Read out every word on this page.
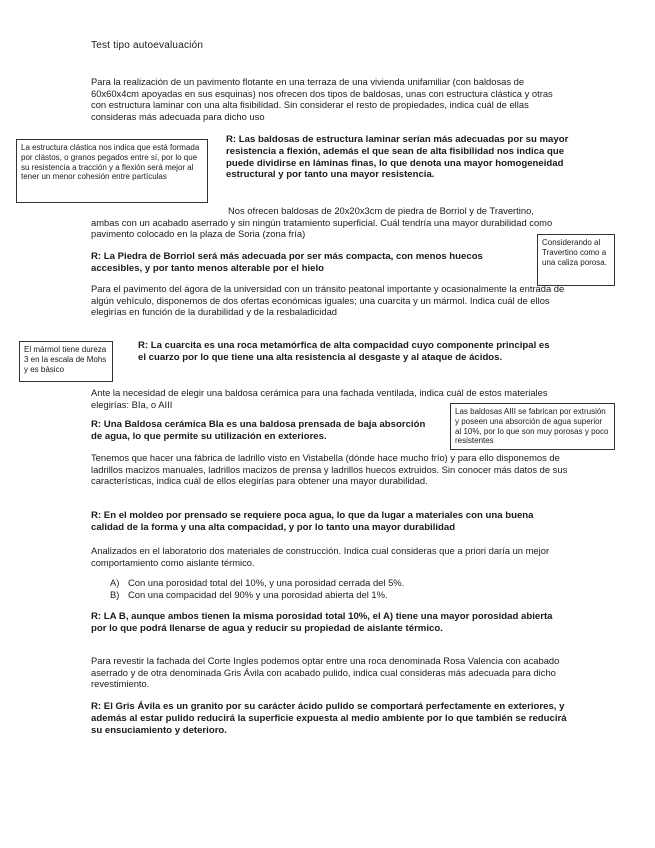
Test tipo autoevaluación
Para la realización de un pavimento flotante en una terraza de una vivienda unifamiliar (con baldosas de 60x60x4cm apoyadas en sus esquinas) nos ofrecen dos tipos de baldosas, unas con estructura clástica y otras con estructura laminar con una alta fisibilidad. Sin considerar el resto de propiedades, indica cuál de ellas consideras más adecuada para dicho uso
La estructura clástica nos indica que está formada por clástos, o granos pegados entre sí, por lo que su resistencia a tracción y a flexión será mejor al tener un menor cohesión entre partículas
R: Las baldosas de estructura laminar serían más adecuadas por su mayor resistencia a flexión, además el que sean de alta fisibilidad nos indica que puede dividirse en láminas finas, lo que denota una mayor homogeneidad estructural y por tanto una mayor resistencia.
Nos ofrecen baldosas de 20x20x3cm de piedra de Borriol y de Travertino, ambas con un acabado aserrado y sin ningún tratamiento superficial. Cuál tendría una mayor durabilidad como pavimento colocado en la plaza de Soria (zona fría)
Considerando al Travertino como a una caliza porosa.
R: La Piedra de Borriol será más adecuada por ser más compacta, con menos huecos accesibles, y por tanto menos alterable por el hielo
Para el pavimento del ágora de la universidad con un tránsito peatonal importante y ocasionalmente la entrada de algún vehículo, disponemos de dos ofertas económicas iguales; una cuarcita y un mármol. Indica cuál de ellos elegirías en función de la durabilidad y de la resbaladicidad
El mármol tiene dureza 3 en la escala de Mohs y es básico
R: La cuarcita es una roca metamórfica de alta compacidad cuyo componente principal es el cuarzo por lo que tiene una alta resistencia al desgaste y al ataque de ácidos.
Ante la necesidad de elegir una baldosa cerámica para una fachada ventilada, indica cuál de estos materiales elegirías: BIa, o AIII
Las baldosas AIII se fabrican por extrusión y poseen una absorción de agua superior al 10%, por lo que son muy porosas y poco resistentes
R: Una Baldosa cerámica BIa es una baldosa prensada de baja absorción de agua, lo que permite su utilización en exteriores.
Tenemos que hacer una fábrica de ladrillo visto en Vistabella (dónde hace mucho frío) y para ello disponemos de ladrillos macizos manuales, ladrillos macizos de prensa y ladrillos huecos extruidos. Sin conocer más datos de sus características, indica cuál de ellos elegirías para obtener una mayor durabilidad.
R: En el moldeo por prensado se requiere poca agua, lo que da lugar a materiales con una buena calidad de la forma y una alta compacidad, y por lo tanto una mayor durabilidad
Analizados en el laboratorio dos materiales de construcción. Indica cual consideras que a priori daría un mejor comportamiento como aislante térmico.
A) Con una porosidad total del 10%, y una porosidad cerrada del 5%.
B) Con una compacidad del 90% y una porosidad abierta del 1%.
R: LA B, aunque ambos tienen la misma porosidad total 10%, el A) tiene una mayor porosidad abierta por lo que podrá llenarse de agua y reducir su propiedad de aislante térmico.
Para revestir la fachada del Corte Ingles podemos optar entre una roca denominada Rosa Valencia con acabado aserrado y de otra denominada Gris Ávila con acabado pulido, indica cual consideras más adecuada para dicho revestimiento.
R: El Gris Ávila es un granito por su carácter ácido pulido se comportará perfectamente en exteriores, y además al estar pulido reducirá la superficie expuesta al medio ambiente por lo que también se reducirá su ensuciamiento y deterioro.
